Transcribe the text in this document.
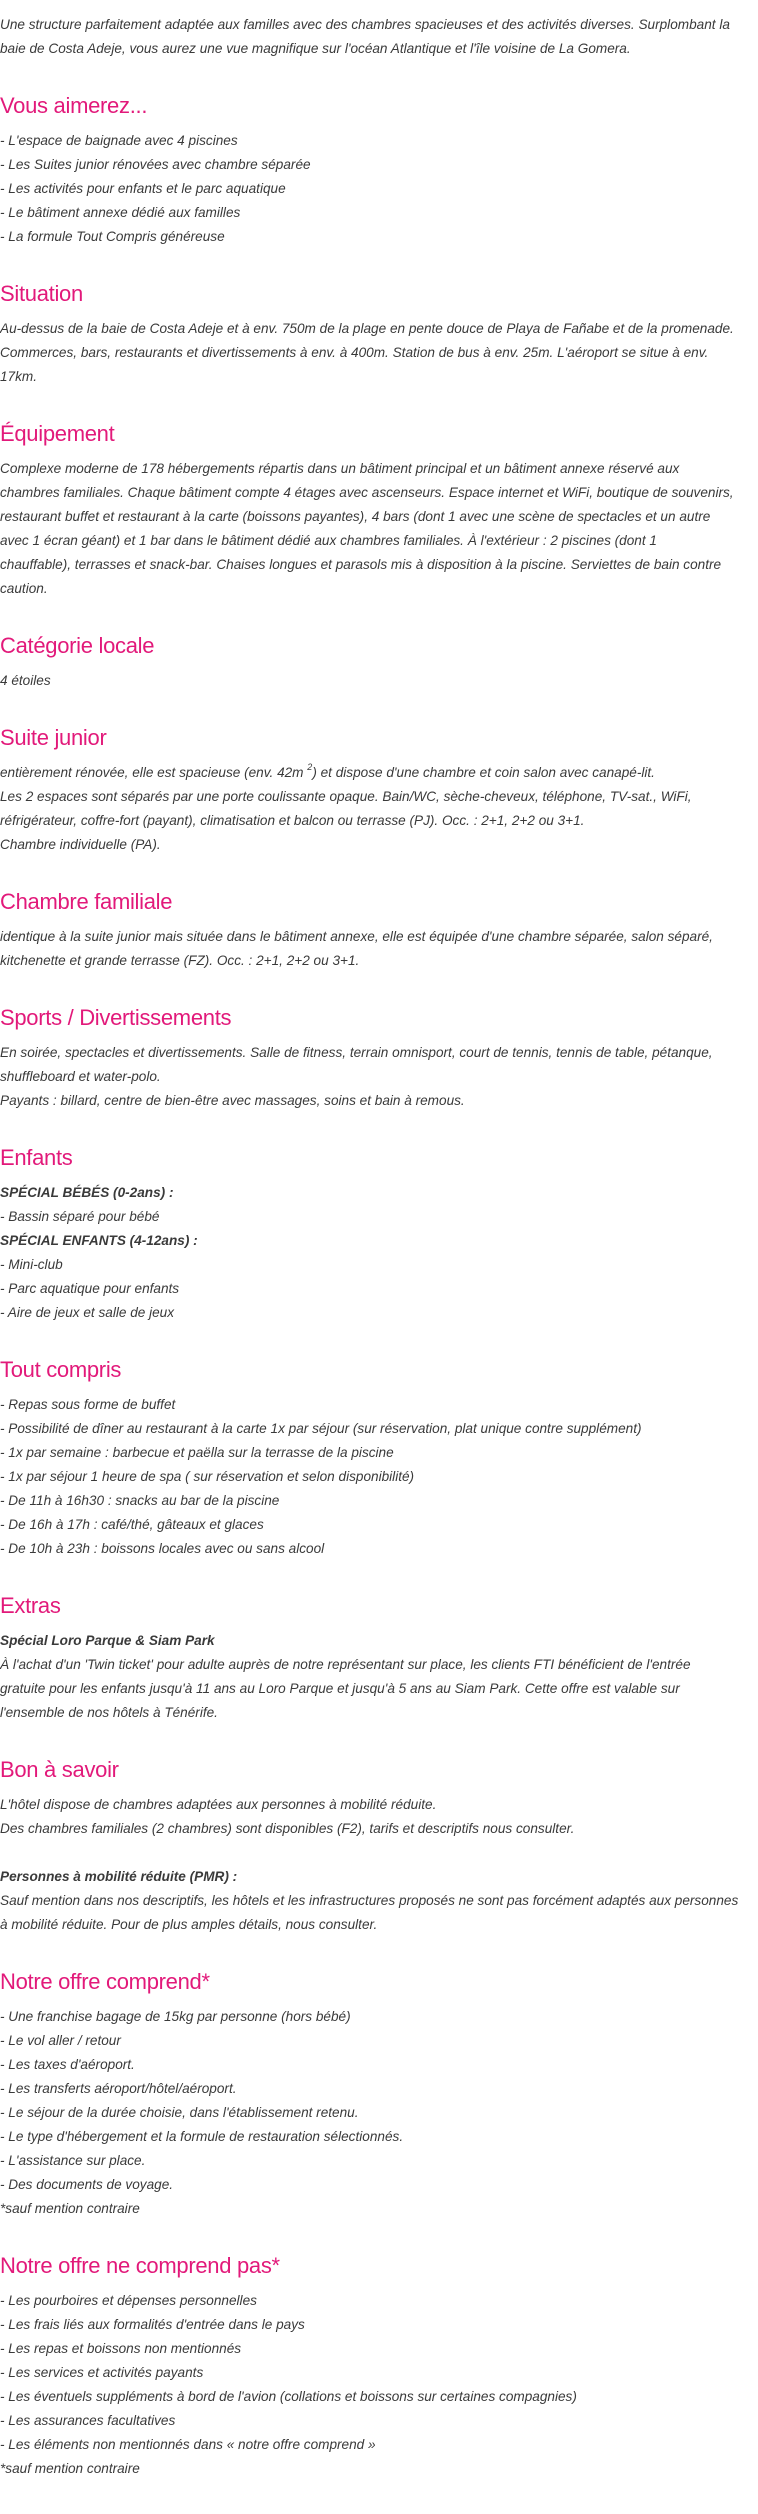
Une structure parfaitement adaptée aux familles avec des chambres spacieuses et des activités diverses. Surplombant la
baie de Costa Adeje, vous aurez une vue magnifique sur l'océan Atlantique et l'île voisine de La Gomera.

Vous aimerez...

- L'espace de baignade avec 4 piscines
- Les Suites junior rénovées avec chambre séparée
- Les activités pour enfants et le parc aquatique
- Le bâtiment annexe dédié aux familles
- La formule Tout Compris généreuse

Situation

Au-dessus de la baie de Costa Adeje et à env. 750m de la plage en pente douce de Playa de Fañabe et de la promenade.
Commerces, bars, restaurants et divertissements à env. à 400m. Station de bus à env. 25m. L'aéroport se situe à env.
17km.

Équipement

Complexe moderne de 178 hébergements répartis dans un bâtiment principal et un bâtiment annexe réservé aux
chambres familiales. Chaque bâtiment compte 4 étages avec ascenseurs. Espace internet et WiFi, boutique de souvenirs,
restaurant buffet et restaurant à la carte (boissons payantes), 4 bars (dont 1 avec une scène de spectacles et un autre
avec 1 écran géant) et 1 bar dans le bâtiment dédié aux chambres familiales. À l'extérieur : 2 piscines (dont 1
chauffable), terrasses et snack-bar. Chaises longues et parasols mis à disposition à la piscine. Serviettes de bain contre
caution.

Catégorie locale

4 étoiles

Suite junior

entièrement rénovée, elle est spacieuse (env. 42m $^2$) et dispose d'une chambre et coin salon avec canapé-lit.
Les 2 espaces sont séparés par une porte coulissante opaque. Bain/WC, sèche-cheveux, téléphone, TV-sat., WiFi,
réfrigérateur, coffre-fort (payant), climatisation et balcon ou terrasse (PJ). Occ. : 2+1, 2+2 ou 3+1.
Chambre individuelle (PA).

Chambre familiale

identique à la suite junior mais située dans le bâtiment annexe, elle est équipée d'une chambre séparée, salon séparé,
kitchenette et grande terrasse (FZ). Occ. : 2+1, 2+2 ou 3+1.

Sports / Divertissements

En soirée, spectacles et divertissements. Salle de fitness, terrain omnisport, court de tennis, tennis de table, pétanque,
shuffleboard et water-polo.
Payants : billard, centre de bien-être avec massages, soins et bain à remous.

Enfants

SPÉCIAL BÉBÉS (0-2ans) :
- Bassin séparé pour bébé
SPÉCIAL ENFANTS (4-12ans) :
- Mini-club
- Parc aquatique pour enfants
- Aire de jeux et salle de jeux

Tout compris

- Repas sous forme de buffet
- Possibilité de dîner au restaurant à la carte 1x par séjour (sur réservation, plat unique contre supplément)
- 1x par semaine : barbecue et paëlla sur la terrasse de la piscine
- 1x par séjour 1 heure de spa ( sur réservation et selon disponibilité)
- De 11h à 16h30 : snacks au bar de la piscine
- De 16h à 17h : café/thé, gâteaux et glaces
- De 10h à 23h : boissons locales avec ou sans alcool

Extras

Spécial Loro Parque & Siam Park
À l'achat d'un 'Twin ticket' pour adulte auprès de notre représentant sur place, les clients FTI bénéficient de l'entrée
gratuite pour les enfants jusqu'à 11 ans au Loro Parque et jusqu'à 5 ans au Siam Park. Cette offre est valable sur
l'ensemble de nos hôtels à Ténérife.

Bon à savoir

L'hôtel dispose de chambres adaptées aux personnes à mobilité réduite.
Des chambres familiales (2 chambres) sont disponibles (F2), tarifs et descriptifs nous consulter.
Personnes à mobilité réduite (PMR) :
Sauf mention dans nos descriptifs, les hôtels et les infrastructures proposés ne sont pas forcément adaptés aux personnes
à mobilité réduite. Pour de plus amples détails, nous consulter.

Notre offre comprend*

- Une franchise bagage de 15kg par personne (hors bébé)
- Le vol aller / retour
- Les taxes d'aéroport.
- Les transferts aéroport/hôtel/aéroport.
- Le séjour de la durée choisie, dans l'établissement retenu.
- Le type d'hébergement et la formule de restauration sélectionnés.
- L'assistance sur place.
- Des documents de voyage.
*sauf mention contraire

Notre offre ne comprend pas*

- Les pourboires et dépenses personnelles
- Les frais liés aux formalités d'entrée dans le pays
- Les repas et boissons non mentionnés
- Les services et activités payants
- Les éventuels suppléments à bord de l'avion (collations et boissons sur certaines compagnies)
- Les assurances facultatives
- Les éléments non mentionnés dans « notre offre comprend »
*sauf mention contraire
